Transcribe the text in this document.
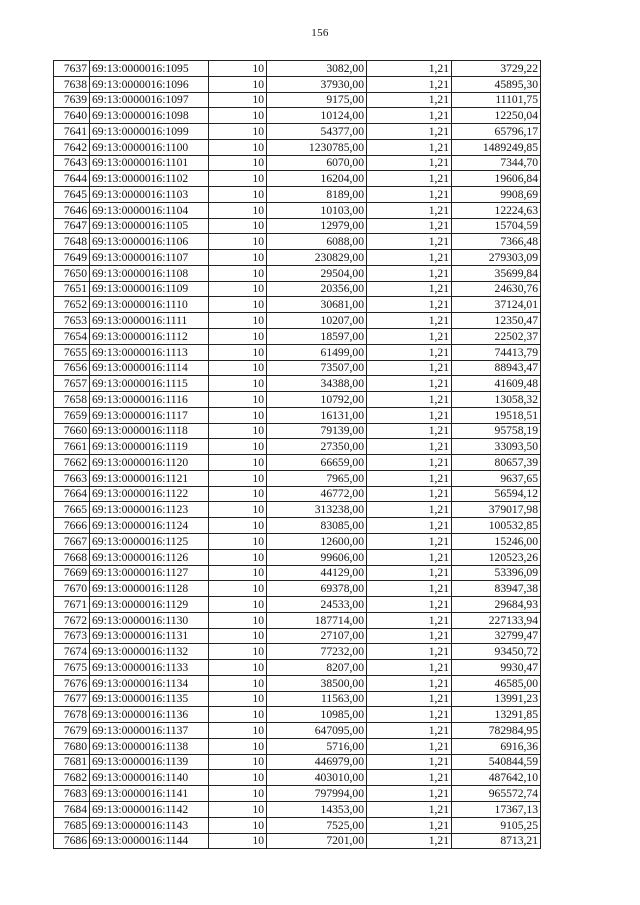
156
7637	69:13:0000016:1095	10	3082,00	1,21	3729,22
7638	69:13:0000016:1096	10	37930,00	1,21	45895,30
7639	69:13:0000016:1097	10	9175,00	1,21	11101,75
7640	69:13:0000016:1098	10	10124,00	1,21	12250,04
7641	69:13:0000016:1099	10	54377,00	1,21	65796,17
7642	69:13:0000016:1100	10	1230785,00	1,21	1489249,85
7643	69:13:0000016:1101	10	6070,00	1,21	7344,70
7644	69:13:0000016:1102	10	16204,00	1,21	19606,84
7645	69:13:0000016:1103	10	8189,00	1,21	9908,69
7646	69:13:0000016:1104	10	10103,00	1,21	12224,63
7647	69:13:0000016:1105	10	12979,00	1,21	15704,59
7648	69:13:0000016:1106	10	6088,00	1,21	7366,48
7649	69:13:0000016:1107	10	230829,00	1,21	279303,09
7650	69:13:0000016:1108	10	29504,00	1,21	35699,84
7651	69:13:0000016:1109	10	20356,00	1,21	24630,76
7652	69:13:0000016:1110	10	30681,00	1,21	37124,01
7653	69:13:0000016:1111	10	10207,00	1,21	12350,47
7654	69:13:0000016:1112	10	18597,00	1,21	22502,37
7655	69:13:0000016:1113	10	61499,00	1,21	74413,79
7656	69:13:0000016:1114	10	73507,00	1,21	88943,47
7657	69:13:0000016:1115	10	34388,00	1,21	41609,48
7658	69:13:0000016:1116	10	10792,00	1,21	13058,32
7659	69:13:0000016:1117	10	16131,00	1,21	19518,51
7660	69:13:0000016:1118	10	79139,00	1,21	95758,19
7661	69:13:0000016:1119	10	27350,00	1,21	33093,50
7662	69:13:0000016:1120	10	66659,00	1,21	80657,39
7663	69:13:0000016:1121	10	7965,00	1,21	9637,65
7664	69:13:0000016:1122	10	46772,00	1,21	56594,12
7665	69:13:0000016:1123	10	313238,00	1,21	379017,98
7666	69:13:0000016:1124	10	83085,00	1,21	100532,85
7667	69:13:0000016:1125	10	12600,00	1,21	15246,00
7668	69:13:0000016:1126	10	99606,00	1,21	120523,26
7669	69:13:0000016:1127	10	44129,00	1,21	53396,09
7670	69:13:0000016:1128	10	69378,00	1,21	83947,38
7671	69:13:0000016:1129	10	24533,00	1,21	29684,93
7672	69:13:0000016:1130	10	187714,00	1,21	227133,94
7673	69:13:0000016:1131	10	27107,00	1,21	32799,47
7674	69:13:0000016:1132	10	77232,00	1,21	93450,72
7675	69:13:0000016:1133	10	8207,00	1,21	9930,47
7676	69:13:0000016:1134	10	38500,00	1,21	46585,00
7677	69:13:0000016:1135	10	11563,00	1,21	13991,23
7678	69:13:0000016:1136	10	10985,00	1,21	13291,85
7679	69:13:0000016:1137	10	647095,00	1,21	782984,95
7680	69:13:0000016:1138	10	5716,00	1,21	6916,36
7681	69:13:0000016:1139	10	446979,00	1,21	540844,59
7682	69:13:0000016:1140	10	403010,00	1,21	487642,10
7683	69:13:0000016:1141	10	797994,00	1,21	965572,74
7684	69:13:0000016:1142	10	14353,00	1,21	17367,13
7685	69:13:0000016:1143	10	7525,00	1,21	9105,25
7686	69:13:0000016:1144	10	7201,00	1,21	8713,21
